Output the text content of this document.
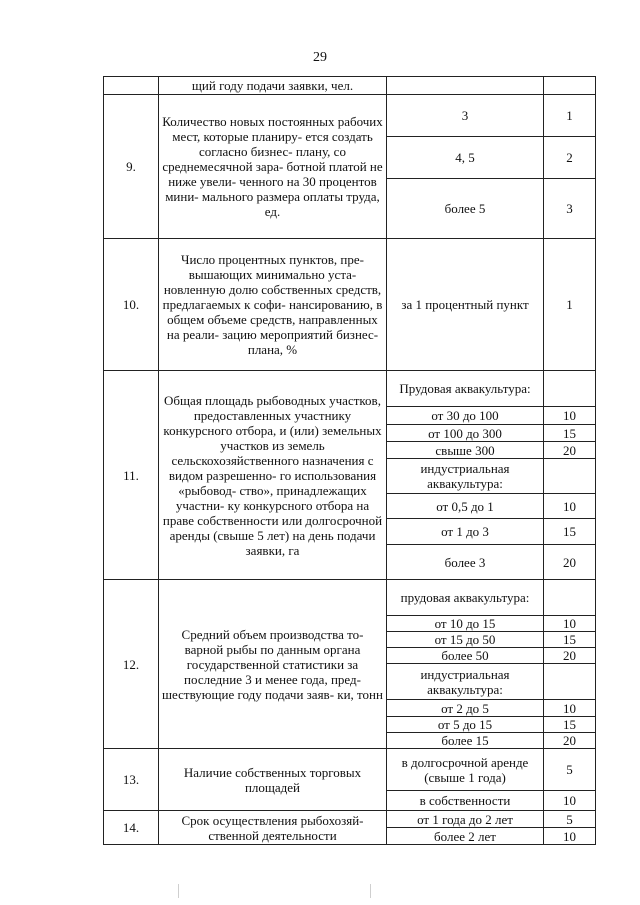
29
	щий году подачи заявки, чел.		
9.	Количество новых постоянных рабочих мест, которые планиру- ется создать согласно бизнес- плану, со среднемесячной зара- ботной платой не ниже увели- ченного на 30 процентов мини- мального размера оплаты труда, ед.	3	1
		4, 5	2
		более 5	3
10.	Число процентных пунктов, пре- вышающих минимально уста- новленную долю собственных средств, предлагаемых к софи- нансированию, в общем объеме средств, направленных на реали- зацию мероприятий бизнес- плана, %	за 1 процентный пункт	1
11.	Общая площадь рыбоводных участков, предоставленных участнику конкурсного отбора, и (или) земельных участков из земель сельскохозяйственного назначения с видом разрешенно- го использования «рыбовод- ство», принадлежащих участни- ку конкурсного отбора на праве собственности или долгосрочной аренды (свыше 5 лет) на день подачи заявки, га	Прудовая аквакультура:	
		от 30 до 100	10
		от 100 до 300	15
		свыше 300	20
		индустриальная аквакультура:	
		от 0,5 до 1	10
		от 1 до 3	15
		более 3	20
12.	Средний объем производства то- варной рыбы по данным органа государственной статистики за последние 3 и менее года, пред- шествующие году подачи заяв- ки, тонн	прудовая аквакультура:	
		от 10 до 15	10
		от 15 до 50	15
		более 50	20
		индустриальная аквакультура:	
		от 2 до 5	10
		от 5 до 15	15
		более 15	20
13.	Наличие собственных торговых площадей	в долгосрочной аренде (свыше 1 года)	5
		в собственности	10
14.	Срок осуществления рыбохозяй- ственной деятельности	от 1 года до 2 лет	5
		более 2 лет	10
